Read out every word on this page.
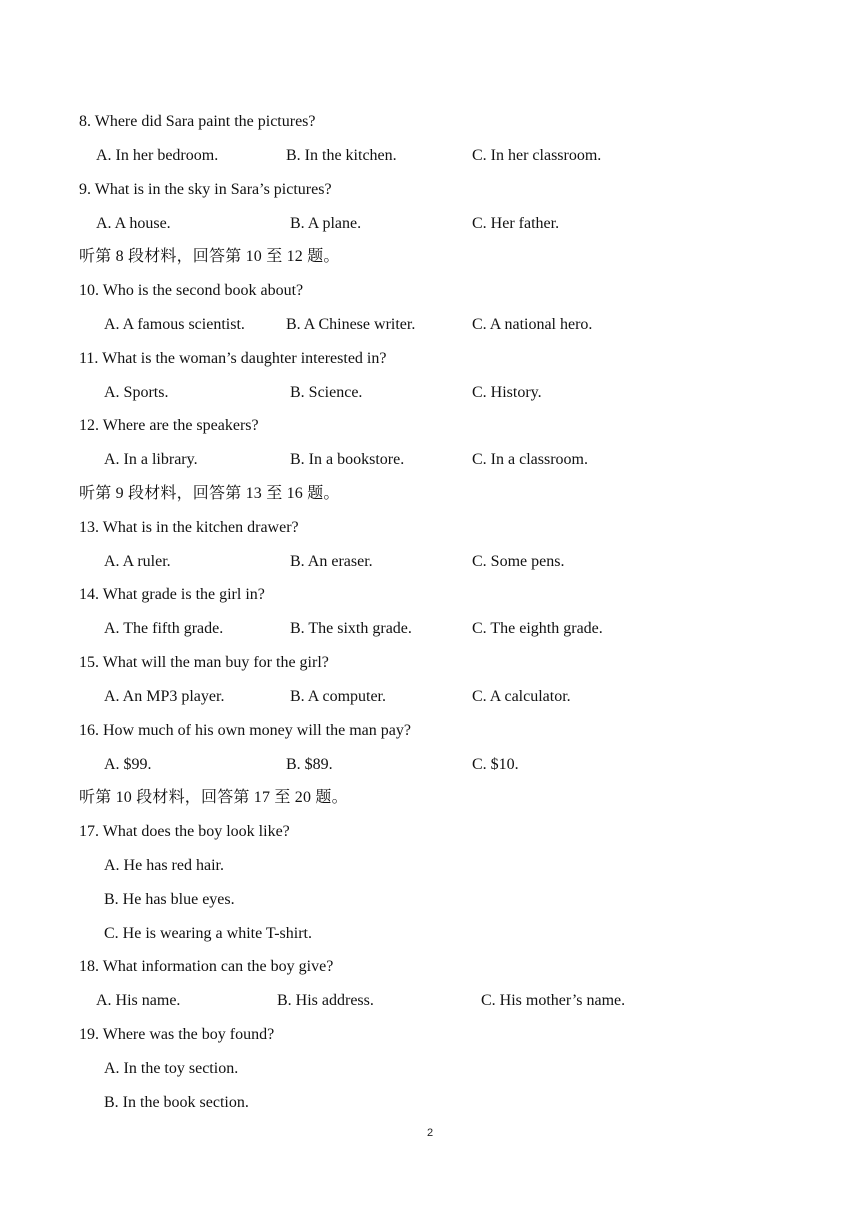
8. Where did Sara paint the pictures?
A. In her bedroom.	B. In the kitchen.	C. In her classroom.
9. What is in the sky in Sara’s pictures?
A. A house.	B. A plane.	C. Her father.
听第 8 段材料，回答第 10 至 12 题。
10. Who is the second book about?
A. A famous scientist.	B. A Chinese writer.	C. A national hero.
11. What is the woman’s daughter interested in?
A. Sports.	B. Science.	C. History.
12. Where are the speakers?
A. In a library.	B. In a bookstore.	C. In a classroom.
听第 9 段材料，回答第 13 至 16 题。
13. What is in the kitchen drawer?
A. A ruler.	B. An eraser.	C. Some pens.
14. What grade is the girl in?
A. The fifth grade.	B. The sixth grade.	C. The eighth grade.
15. What will the man buy for the girl?
A. An MP3 player.	B. A computer.	C. A calculator.
16. How much of his own money will the man pay?
A. $99.	B. $89.	C. $10.
听第 10 段材料，回答第 17 至 20 题。
17. What does the boy look like?
A. He has red hair.
B. He has blue eyes.
C. He is wearing a white T-shirt.
18. What information can the boy give?
A. His name.	B. His address.	C. His mother’s name.
19. Where was the boy found?
A. In the toy section.
B. In the book section.
2
